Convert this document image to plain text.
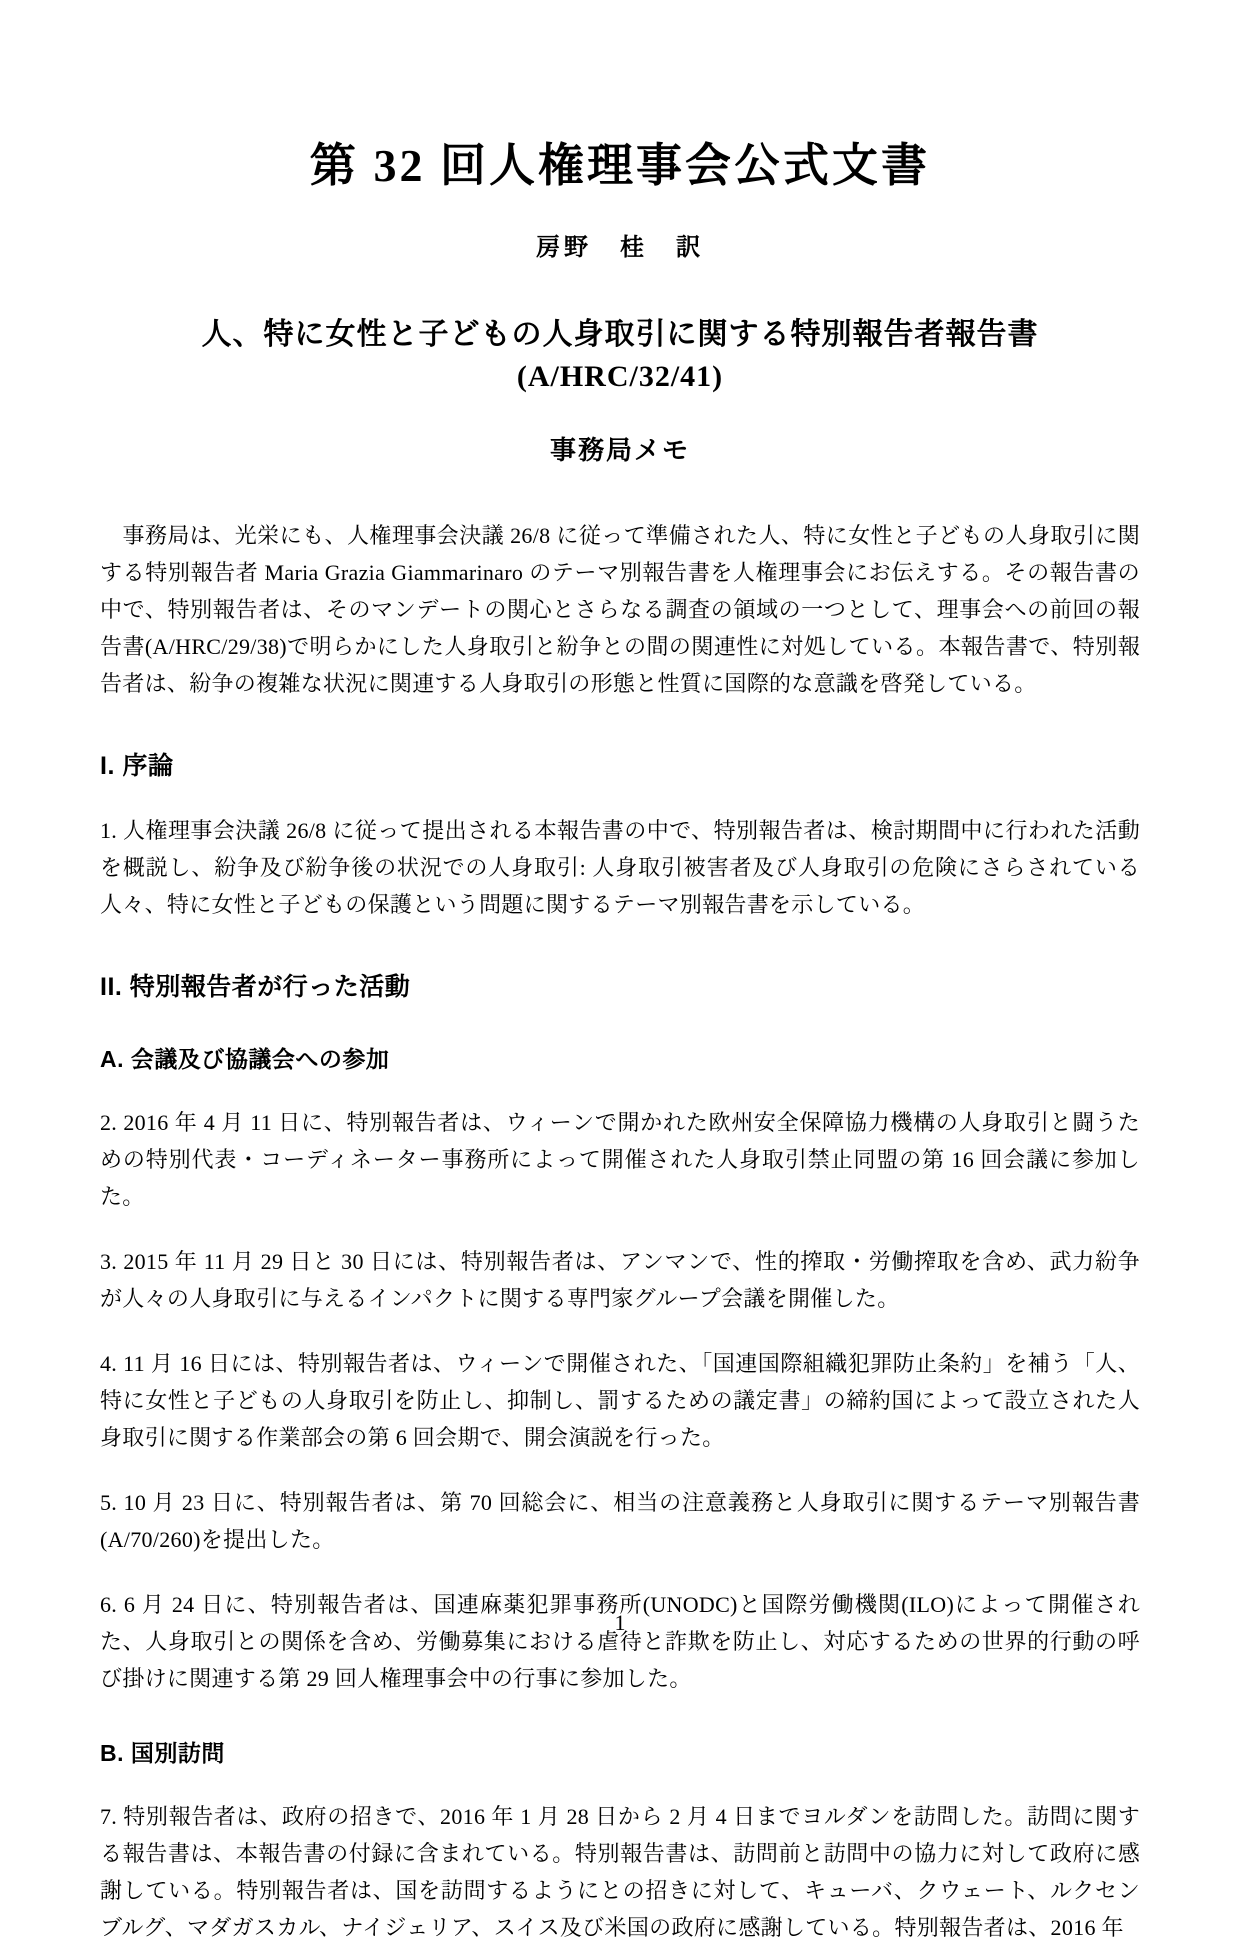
第 32 回人権理事会公式文書
房野　桂　訳
人、特に女性と子どもの人身取引に関する特別報告者報告書
(A/HRC/32/41)
事務局メモ

　事務局は、光栄にも、人権理事会決議 26/8 に従って準備された人、特に女性と子どもの人身取引に関する特別報告者 Maria Grazia Giammarinaro のテーマ別報告書を人権理事会にお伝えする。その報告書の中で、特別報告者は、そのマンデートの関心とさらなる調査の領域の一つとして、理事会への前回の報告書(A/HRC/29/38)で明らかにした人身取引と紛争との間の関連性に対処している。本報告書で、特別報告者は、紛争の複雑な状況に関連する人身取引の形態と性質に国際的な意識を啓発している。

I. 序論

1. 人権理事会決議 26/8 に従って提出される本報告書の中で、特別報告者は、検討期間中に行われた活動を概説し、紛争及び紛争後の状況での人身取引: 人身取引被害者及び人身取引の危険にさらされている人々、特に女性と子どもの保護という問題に関するテーマ別報告書を示している。

II. 特別報告者が行った活動
A. 会議及び協議会への参加

2. 2016 年 4 月 11 日に、特別報告者は、ウィーンで開かれた欧州安全保障協力機構の人身取引と闘うための特別代表・コーディネーター事務所によって開催された人身取引禁止同盟の第 16 回会議に参加した。

3. 2015 年 11 月 29 日と 30 日には、特別報告者は、アンマンで、性的搾取・労働搾取を含め、武力紛争が人々の人身取引に与えるインパクトに関する専門家グループ会議を開催した。

4. 11 月 16 日には、特別報告者は、ウィーンで開催された、「国連国際組織犯罪防止条約」を補う「人、特に女性と子どもの人身取引を防止し、抑制し、罰するための議定書」の締約国によって設立された人身取引に関する作業部会の第 6 回会期で、開会演説を行った。

5. 10 月 23 日に、特別報告者は、第 70 回総会に、相当の注意義務と人身取引に関するテーマ別報告書(A/70/260)を提出した。

6. 6 月 24 日に、特別報告者は、国連麻薬犯罪事務所(UNODC)と国際労働機関(ILO)によって開催された、人身取引との関係を含め、労働募集における虐待と詐欺を防止し、対応するための世界的行動の呼び掛けに関連する第 29 回人権理事会中の行事に参加した。

B. 国別訪問

7. 特別報告者は、政府の招きで、2016 年 1 月 28 日から 2 月 4 日までヨルダンを訪問した。訪問に関する報告書は、本報告書の付録に含まれている。特別報告書は、訪問前と訪問中の協力に対して政府に感謝している。特別報告者は、国を訪問するようにとの招きに対して、キューバ、クウェート、ルクセンブルグ、マダガスカル、ナイジェリア、スイス及び米国の政府に感謝している。特別報告者は、2016 年

1
